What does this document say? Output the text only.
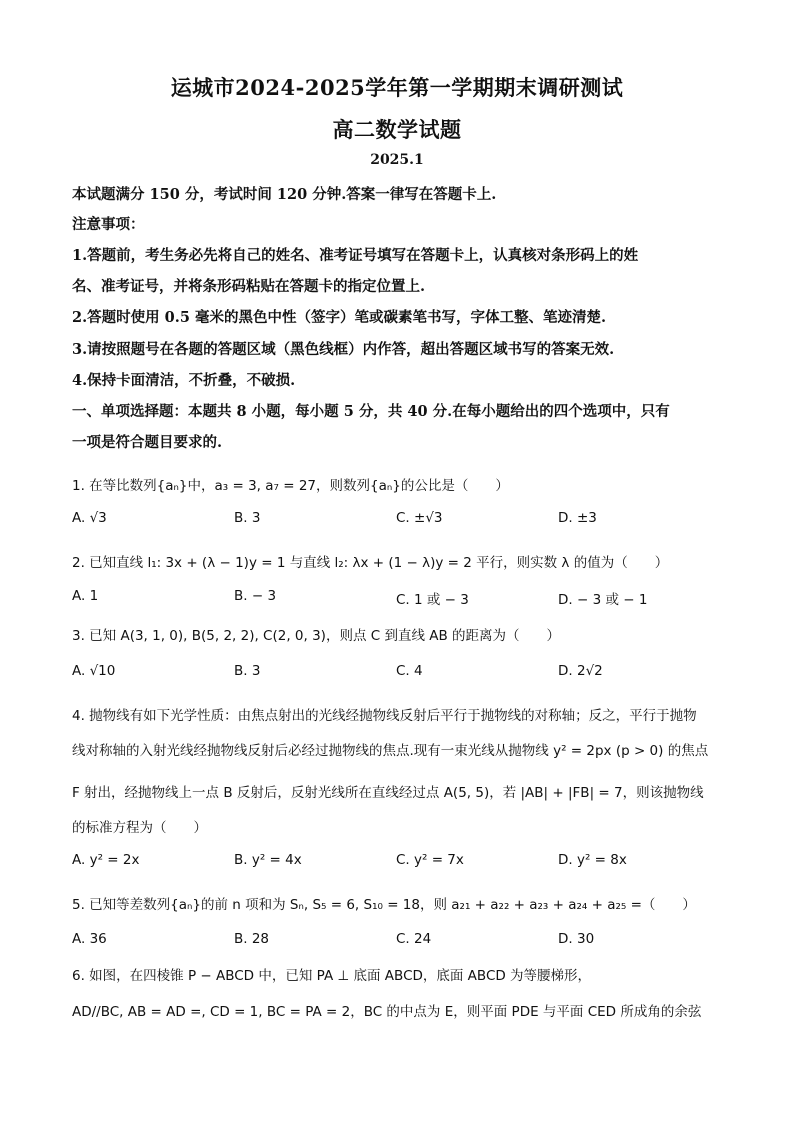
运城市2024-2025学年第一学期期末调研测试
高二数学试题
2025.1
本试题满分 150 分，考试时间 120 分钟.答案一律写在答题卡上.
注意事项：
1.答题前，考生务必先将自己的姓名、准考证号填写在答题卡上，认真核对条形码上的姓
名、准考证号，并将条形码粘贴在答题卡的指定位置上.
2.答题时使用 0.5 毫米的黑色中性（签字）笔或碳素笔书写，字体工整、笔迹清楚.
3.请按照题号在各题的答题区域（黑色线框）内作答，超出答题区域书写的答案无效.
4.保持卡面清洁，不折叠，不破损.
一、单项选择题：本题共 8 小题，每小题 5 分，共 40 分.在每小题给出的四个选项中，只有
一项是符合题目要求的.
1. 在等比数列{aₙ}中，a₃ = 3, a₇ = 27，则数列{aₙ}的公比是（　　）
A. √3	B. 3	C. ±√3	D. ±3
2. 已知直线 l₁: 3x + (λ − 1)y = 1 与直线 l₂: λx + (1 − λ)y = 2 平行，则实数 λ 的值为（　　）
A. 1	B. − 3	C. 1 或 − 3	D. − 3 或 − 1
3. 已知 A(3, 1, 0), B(5, 2, 2), C(2, 0, 3)，则点 C 到直线 AB 的距离为（　　）
A. √10	B. 3	C. 4	D. 2√2
4. 抛物线有如下光学性质：由焦点射出的光线经抛物线反射后平行于抛物线的对称轴；反之，平行于抛物
线对称轴的入射光线经抛物线反射后必经过抛物线的焦点.现有一束光线从抛物线 y² = 2px (p > 0) 的焦点
F 射出，经抛物线上一点 B 反射后，反射光线所在直线经过点 A(5, 5)，若 |AB| + |FB| = 7，则该抛物线
的标准方程为（　　）
A. y² = 2x	B. y² = 4x	C. y² = 7x	D. y² = 8x
5. 已知等差数列{aₙ}的前 n 项和为 Sₙ, S₅ = 6, S₁₀ = 18，则 a₂₁ + a₂₂ + a₂₃ + a₂₄ + a₂₅ =（　　）
A. 36	B. 28	C. 24	D. 30
6. 如图，在四棱锥 P − ABCD 中，已知 PA ⊥ 底面 ABCD，底面 ABCD 为等腰梯形，
AD//BC, AB = AD =, CD = 1, BC = PA = 2，BC 的中点为 E，则平面 PDE 与平面 CED 所成角的余弦
